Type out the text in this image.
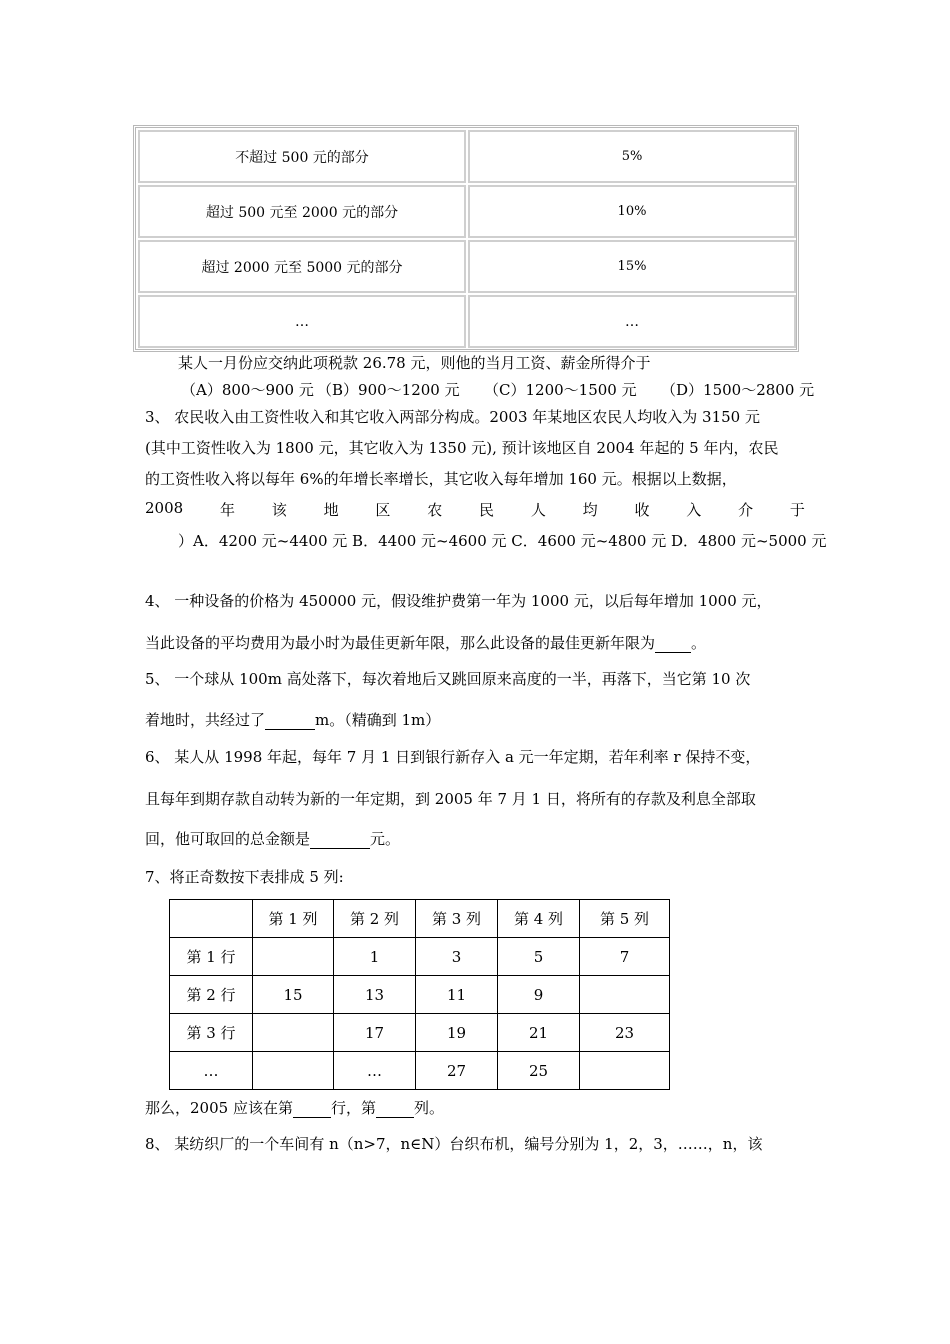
不超过 500 元的部分	5%
超过 500 元至 2000 元的部分	10%
超过 2000 元至 5000 元的部分	15%
…	…
某人一月份应交纳此项税款 26.78 元，则他的当月工资、薪金所得介于
（A）800～900 元 （B）900～1200 元 （C）1200～1500 元 （D）1500～2800 元
3、 农民收入由工资性收入和其它收入两部分构成。2003 年某地区农民人均收入为 3150 元
(其中工资性收入为 1800 元，其它收入为 1350 元), 预计该地区自 2004 年起的 5 年内，农民
的工资性收入将以每年 6%的年增长率增长，其它收入每年增加 160 元。根据以上数据，
2008 年 该 地 区 农 民 人 均 收 入 介 于
）A．4200 元~4400 元 B．4400 元~4600 元 C．4600 元~4800 元 D．4800 元~5000 元
4、 一种设备的价格为 450000 元，假设维护费第一年为 1000 元，以后每年增加 1000 元，
当此设备的平均费用为最小时为最佳更新年限，那么此设备的最佳更新年限为 。
5、 一个球从 100m 高处落下，每次着地后又跳回原来高度的一半，再落下，当它第 10 次
着地时，共经过了	m。（精确到 1m）
6、 某人从 1998 年起，每年 7 月 1 日到银行新存入 a 元一年定期，若年利率 r 保持不变，
且每年到期存款自动转为新的一年定期，到 2005 年 7 月 1 日，将所有的存款及利息全部取
回，他可取回的总金额是	元。
7、将正奇数按下表排成 5 列:
	第 1 列	第 2 列	第 3 列	第 4 列	第 5 列
第 1 行		1	3	5	7
第 2 行	15	13	11	9	
第 3 行		17	19	21	23
…		…	27	25	
那么，2005 应该在第	行，第	列。
8、 某纺织厂的一个车间有 n（n>7，n∈N）台织布机，编号分别为 1，2，3，……，n，该
